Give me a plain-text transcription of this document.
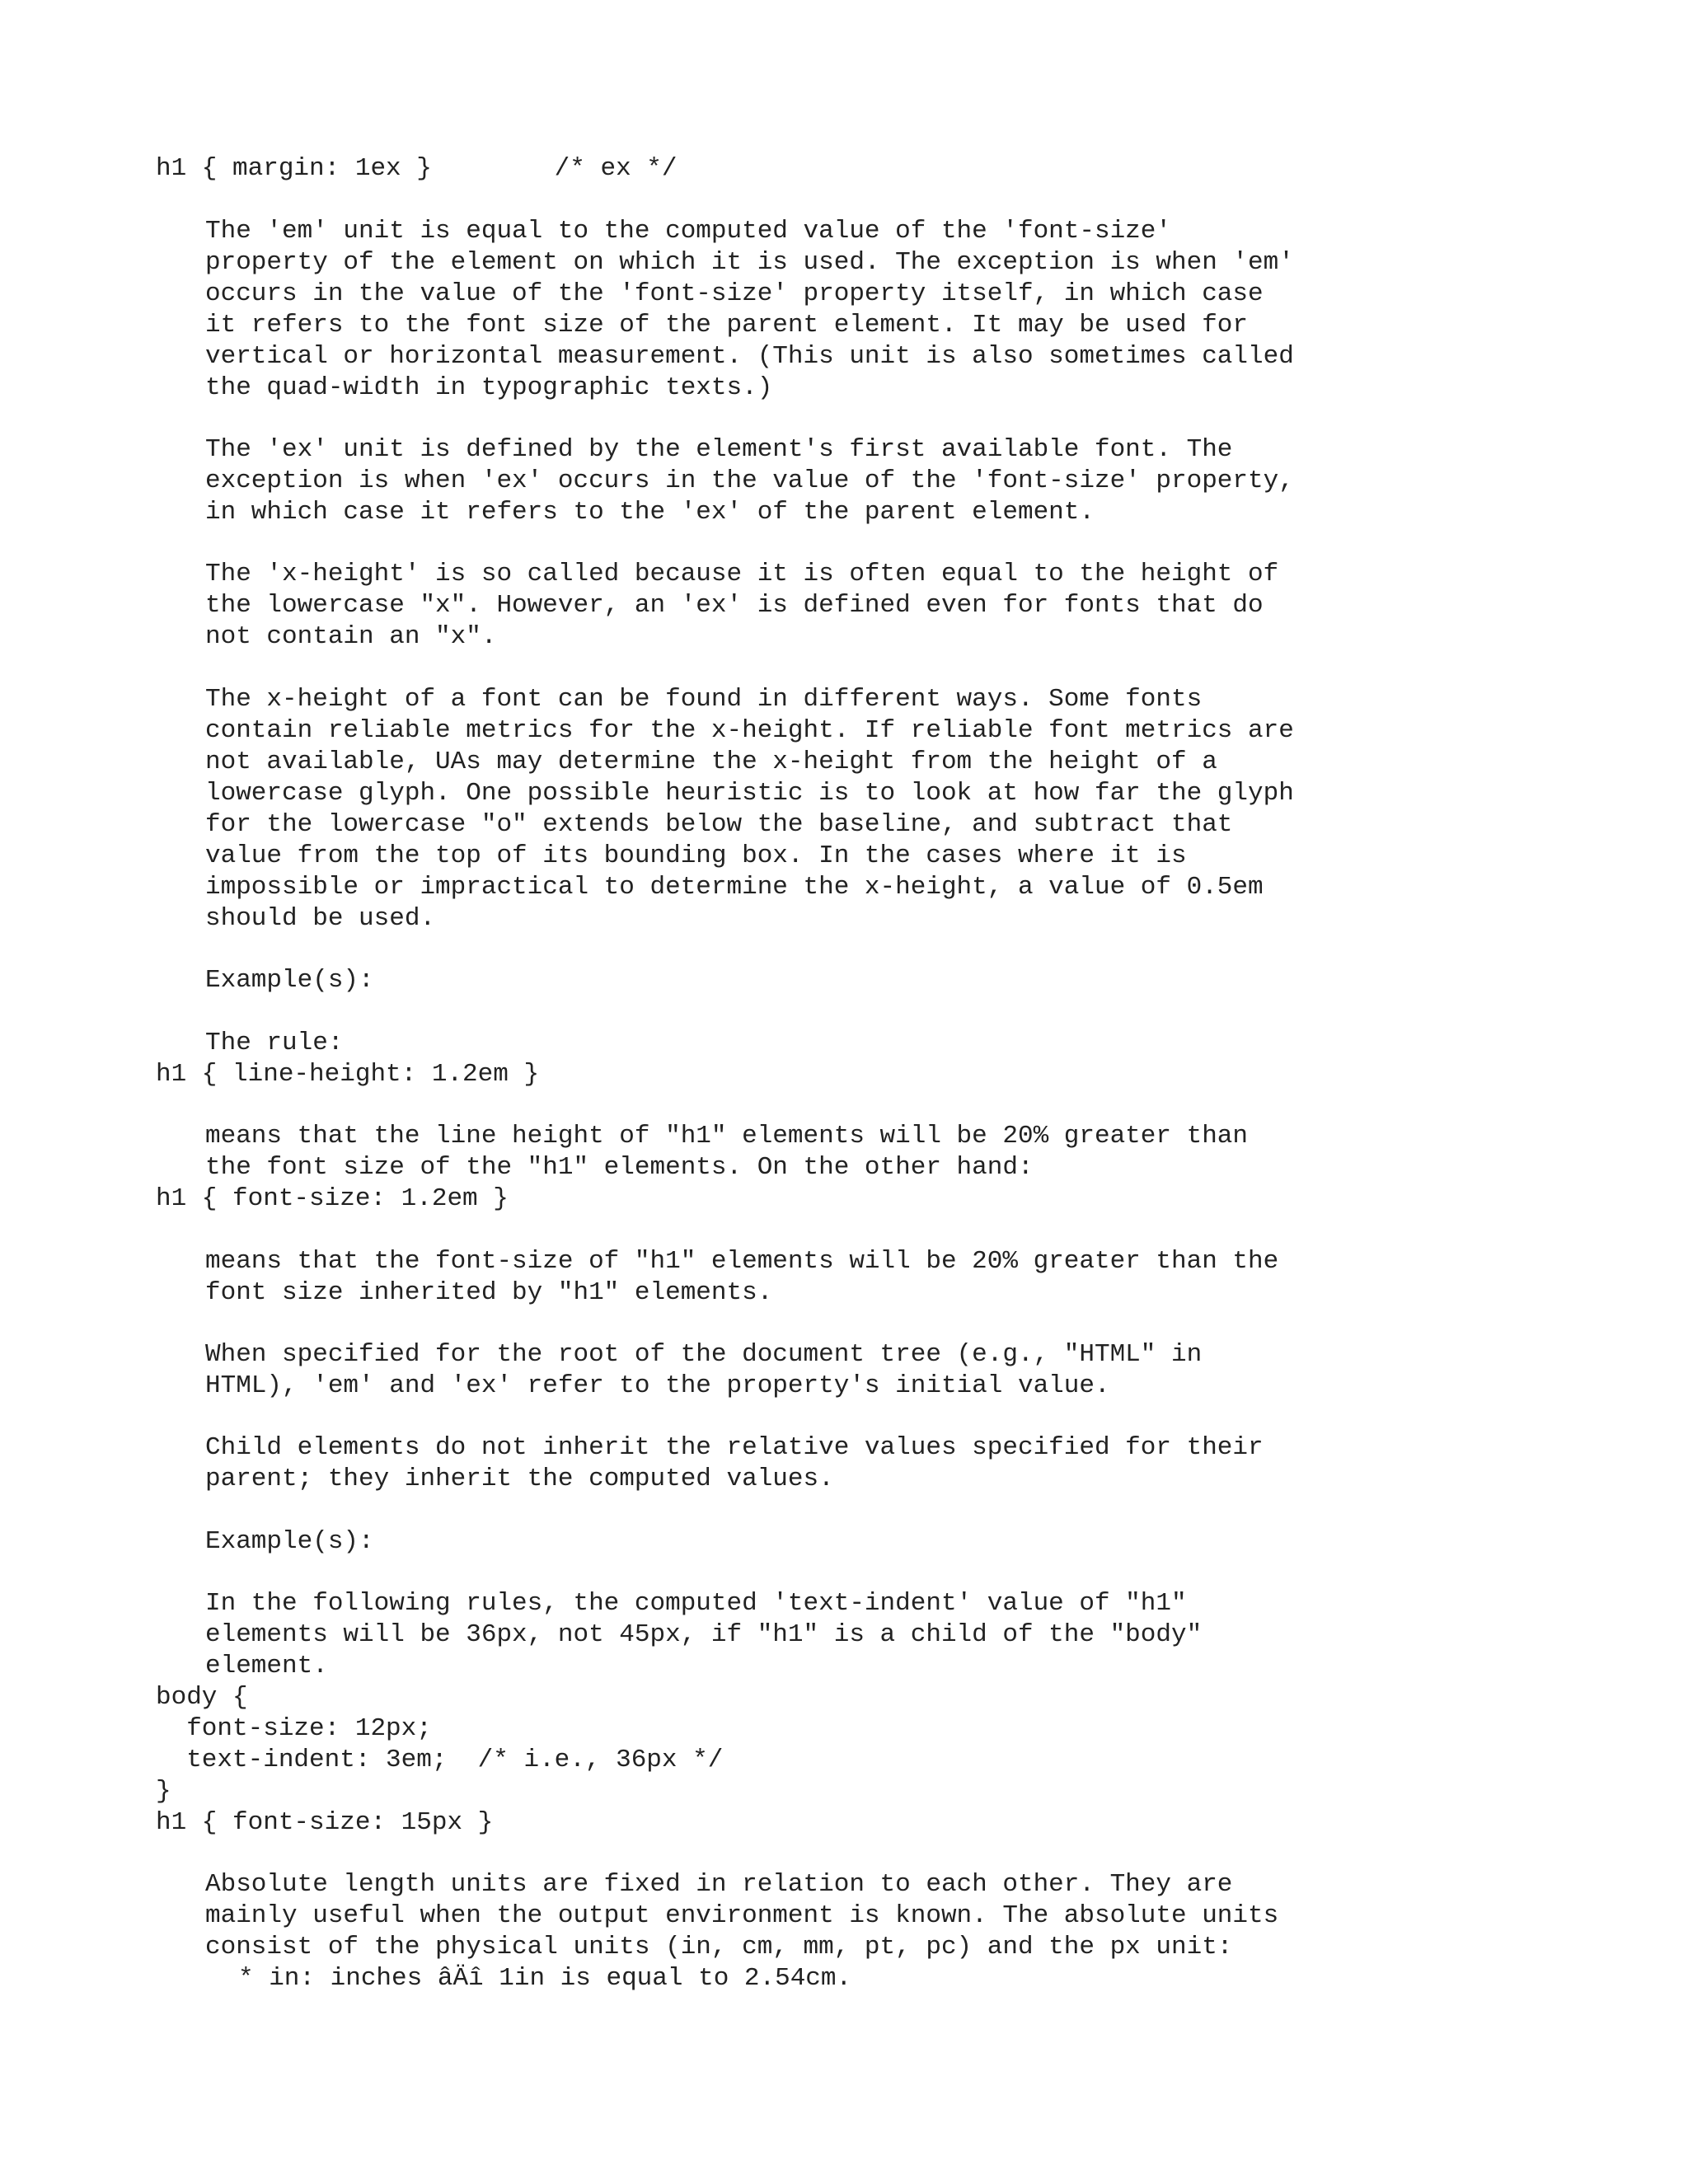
h1 { margin: 1ex }        /* ex */
The 'em' unit is equal to the computed value of the 'font-size'
property of the element on which it is used. The exception is when 'em'
occurs in the value of the 'font-size' property itself, in which case
it refers to the font size of the parent element. It may be used for
vertical or horizontal measurement. (This unit is also sometimes called
the quad-width in typographic texts.)
The 'ex' unit is defined by the element's first available font. The
exception is when 'ex' occurs in the value of the 'font-size' property,
in which case it refers to the 'ex' of the parent element.
The 'x-height' is so called because it is often equal to the height of
the lowercase "x". However, an 'ex' is defined even for fonts that do
not contain an "x".
The x-height of a font can be found in different ways. Some fonts
contain reliable metrics for the x-height. If reliable font metrics are
not available, UAs may determine the x-height from the height of a
lowercase glyph. One possible heuristic is to look at how far the glyph
for the lowercase "o" extends below the baseline, and subtract that
value from the top of its bounding box. In the cases where it is
impossible or impractical to determine the x-height, a value of 0.5em
should be used.
Example(s):
The rule:
h1 { line-height: 1.2em }
means that the line height of "h1" elements will be 20% greater than
the font size of the "h1" elements. On the other hand:
h1 { font-size: 1.2em }
means that the font-size of "h1" elements will be 20% greater than the
font size inherited by "h1" elements.
When specified for the root of the document tree (e.g., "HTML" in
HTML), 'em' and 'ex' refer to the property's initial value.
Child elements do not inherit the relative values specified for their
parent; they inherit the computed values.
Example(s):
In the following rules, the computed 'text-indent' value of "h1"
elements will be 36px, not 45px, if "h1" is a child of the "body"
element.
body {
font-size: 12px;
text-indent: 3em;  /* i.e., 36px */
}
h1 { font-size: 15px }
Absolute length units are fixed in relation to each other. They are
mainly useful when the output environment is known. The absolute units
consist of the physical units (in, cm, mm, pt, pc) and the px unit:
* in: inches âÄî 1in is equal to 2.54cm.
